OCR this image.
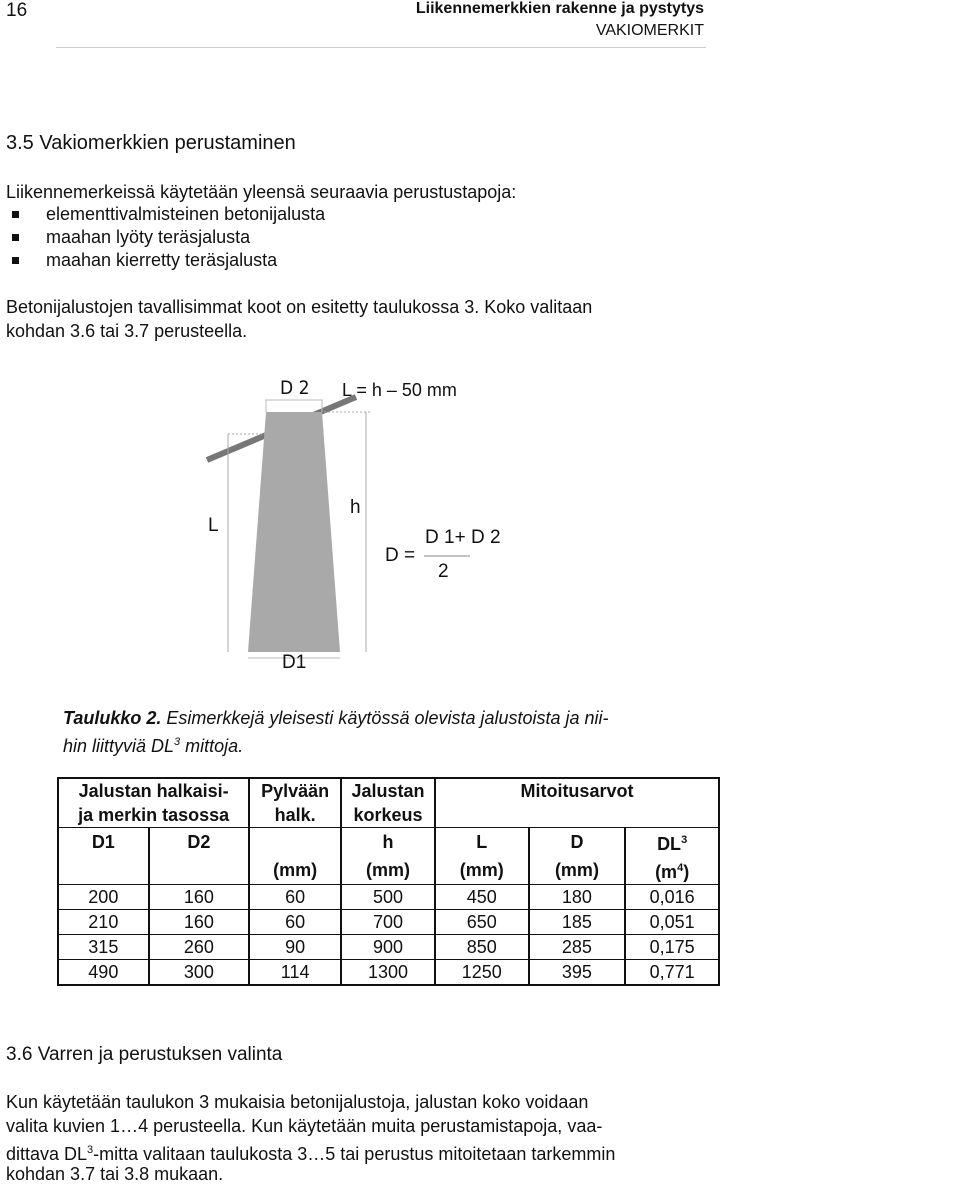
16	Liikennemerkkien rakenne ja pystytys
VAKIOMERKIT
3.5 Vakiomerkkien perustaminen
Liikennemerkeissä käytetään yleensä seuraavia perustustapoja:
elementtivalmisteinen betonijalusta
maahan lyöty teräsjalusta
maahan kierretty teräsjalusta
Betonijalustojen tavallisimmat koot on esitetty taulukossa 3. Koko valitaan
kohdan 3.6 tai 3.7 perusteella.
D 2 L = h – 50 mm
L
h
D =
D 1+ D 2
2
D1
Taulukko 2. Esimerkkejä yleisesti käytössä olevista jalustoista ja nii-
hin liittyviä $DL^3$ mittoja.
Jalustan halkaisi-		Pylvään	Jalustan	Mitoitusarvot		
ja merkin tasossa		halk.	korkeus			
D1	D2		h	L	D	$DL^3$
		(mm)	(mm)	(mm)	(mm)	$(m^4)$
200	160	60	500	450	180	0,016
210	160	60	700	650	185	0,051
315	260	90	900	850	285	0,175
490	300	114	1300	1250	395	0,771
3.6 Varren ja perustuksen valinta
Kun käytetään taulukon 3 mukaisia betonijalustoja, jalustan koko voidaan
valita kuvien 1…4 perusteella. Kun käytetään muita perustamistapoja, vaa-
dittava $DL^3$-mitta valitaan taulukosta 3…5 tai perustus mitoitetaan tarkemmin
kohdan 3.7 tai 3.8 mukaan.
